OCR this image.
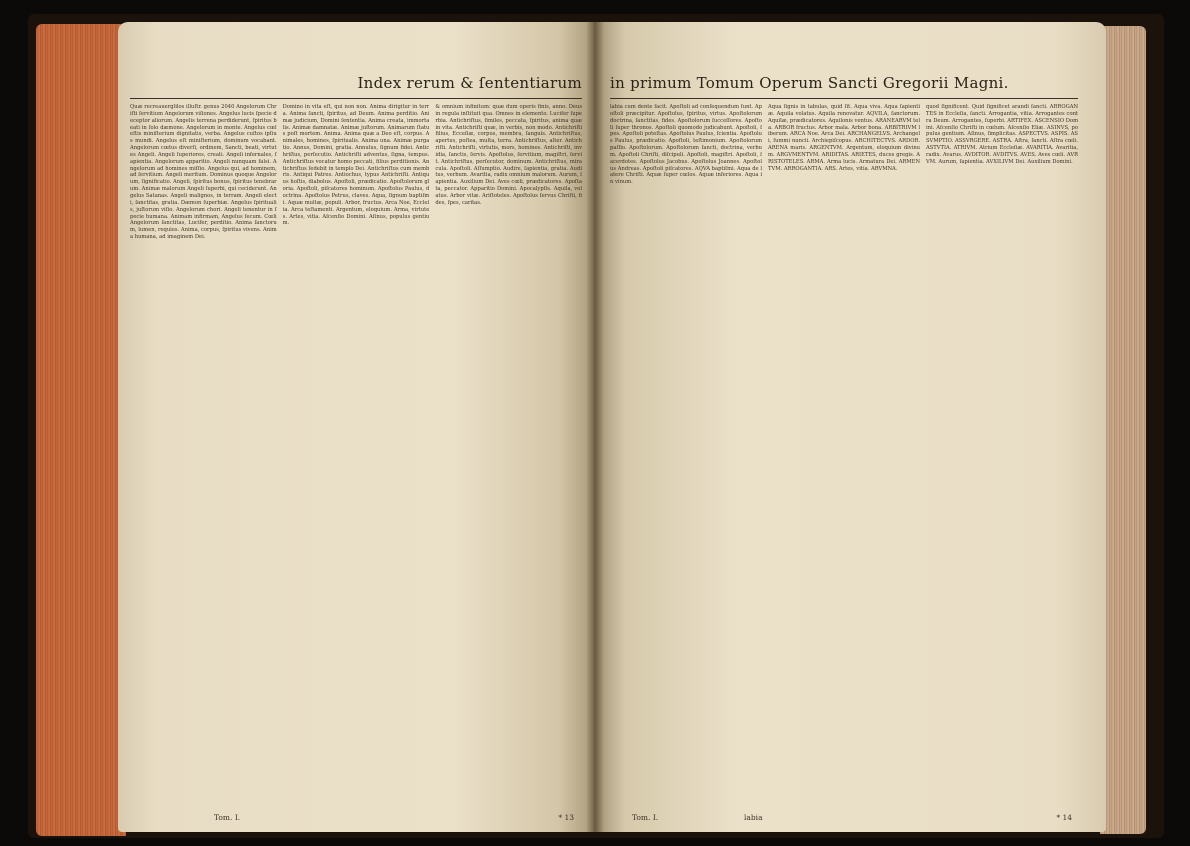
Index rerum & ſententiarum

Quæ recreauerglilos illuſtr. genus 2040 Angelorum Chriſti ſervitium Angelorum viſiones. Angelus lucis ſpecie deceptor aliorum. Angelis terrena perdiderunt, ſpiritus beati in ſolo dæmone. Angelorum in monte. Angelus cœleſtis miniſterium dignitatis, verba. Angelus cuſtos ipſius mundi. Angelus eſt miniſterium, dominum vocabant. Angelorum cœtus diverſi, ordinem, Sancti, beati, virtutes Angeli. Angeli ſuperiores, creati. Angeli infernales, ſapientia. Angelorum apparitio. Angeli nunquam falsi. Angelorum ad homines miſſio. Angelus qui, ad hominem, ad ſervitium. Angeli meritum. Dominus quoque Angelorum, ſignificatio. Angeli, ſpiritus bonus, ſpiritus tenebrarum. Animæ malorum Angeli ſuperbi, qui ceciderunt. Angelus Satanas. Angeli malignos, in terram. Angeli electi, ſanctitas, gratia. Dæmon ſuperbiæ. Angelus ſpiritualis, juſtorum viſio. Angelorum chori. Angeli tenentur in ſpecie humana. Animam infirmam, Angelus ſecum. Cœli Angelorum ſanctitas, Lucifer, perditio. Anima ſanctorum, lumen, requies. Anima, corpus, ſpiritus vivens. Anima humana, ad imaginem Dei.

Domino in vita eſt, qui non non. Anima dirigitur in terra. Anima ſancti, ſpiritus, ad Deum. Anima perditio. Animæ judicium, Domini ſententia. Anima creata, immortalis. Animæ damnatæ. Animæ juſtorum. Animarum ſtatus poſt mortem. Anima. Anima quæ a Deo eſt, corpus. Animales, homines, ſpiritualis. Anima una. Animæ purgatio. Annus, Domini, gratia. Annulus, ſignum fidei. Antichriſtus, perſecutio. Antichriſti adventus, ſigna, tempus. Antichriſtus vocatur homo peccati, filius perditionis. Antichriſtus ſedebit in templo Dei. Antichriſtus cum membris. Antiqui Patres. Antiochus, typus Antichriſti. Antiquus hoſtis, diabolus. Apoſtoli, prædicatio. Apoſtolorum gloria. Apoſtoli, piſcatores hominum. Apoſtolus Paulus, doctrina. Apoſtolus Petrus, claves. Aqua, ſignum baptiſmi. Aquæ multæ, populi. Arbor, fructus. Arca Noe, Eccleſia. Arca teſtamenti. Argentum, eloquium. Arma, virtutes. Artes, vitia. Aſcenſio Domini. Aſinus, populus gentium.

& omnium infinitum: quæ dum operis finis, anno. Deus in regula inſtituit qua. Omnes in elemento. Lucifer ſuperbia. Antichriſtus, ſimiles, peccata, ſpiritus, anima quæ in vita. Antichriſti quæ, in verbis, non modo. Antichriſti filius, Ecceſiæ, corpus, membra, ſanguis. Antichriſtus, apertus, poſtea, multa, terra. Antichriſtus, alter. Antichriſti. Antichriſti, virtutis, mors, homines. Antichriſti, invidia, ſanctis, ſervis. Apoſtolus, ſervitium, magiſtri, ſervit. Antichriſtus, perſecutor, dominum. Antichriſtus, miracula. Apoſtoli. Aſſumptio. Audire, ſapientia, gratia. Auditus, verbum. Avaritia, radix omnium malorum. Aurum, ſapientia. Auxilium Dei. Aves cœli, prædicatores. Apoſtata, peccator. Apparitio Domini. Apocalypſis. Aquila, volatus. Arbor vitæ. Ariſtoteles. Apoſtolus ſervus Chriſti, fides, ſpes, caritas.

Tom. I.	* 13
in primum Tomum Operum Sancti Gregorii Magni.

labia cum dente facit. Apoſtoli ad conſequendum ſunt. Apoſtoli præcipitur. Apoſtolus, ſpiritus, virtus. Apoſtolorum doctrina, ſanctitas, fides. Apoſtolorum ſucceſſores. Apoſtoli ſuper thronos. Apoſtoli quomodo judicabunt. Apoſtoli, ſpes. Apoſtoli poteſtas. Apoſtolus Paulus, ſcientia. Apoſtolus Paulus, prædicatio. Apoſtoli, teſtimonium. Apoſtolorum paſſio. Apoſtolorum. Apoſtolorum ſancti, doctrina, verbum. Apoſtoli Chriſti, diſcipuli. Apoſtoli, magiſtri. Apoſtoli, ſacerdotes. Apoſtolus Jacobus. Apoſtolus Joannes. Apoſtolus Andreas. Apoſtoli piſcatores. AQVA baptiſmi. Aqua de latere Chriſti. Aquæ ſuper cœlos. Aquæ inferiores. Aqua in vinum.

Aqua ſignis in tabulas, quid ſit. Aqua viva. Aqua ſapientiæ. Aquila volatus. Aquila renovatur. AQVILA, ſanctorum. Aquilæ, prædicatores. Aquilonis ventus. ARANEARVM tela. ARBOR fructus. Arbor mala. Arbor bona. ARBITRIVM liberum. ARCA Noe. Arca Dei. ARCHANGELVS. Archangeli, ſummi nuncii. Archiepiſcopus. ARCHITECTVS. ARDOR. ARENA maris. ARGENTVM. Argentum, eloquium divinum. ARGVMENTVM. ARIDITAS. ARIETES, duces gregis. ARISTOTELES. ARMA. Arma lucis. Armatura Dei. ARMENTVM. ARROGANTIA. ARS. Artes, vitia. ARVMNA.

quod ſignificent. Quid ſignificet arandi ſancti. ARROGANTES in Eccleſia, ſancti. Arrogantia, vitia. Arrogantes contra Deum. Arrogantes, ſuperbi. ARTIFEX. ASCENSIO Domini. Aſcenſio Chriſti in cœlum. Aſcenſio Eliæ. ASINVS, populus gentium. Aſinus, ſimplicitas. ASPECTVS. ASPIS. ASSVMPTIO. ASSVRGERE. ASTRA. Aſtra, ſancti. Aſtra cœli. ASTVTIA. ATRIVM. Atrium Eccleſiæ. AVARITIA. Avaritia, radix. Avarus. AVDITOR. AVDITVS. AVES. Aves cœli. AVRVM. Aurum, ſapientia. AVXILIVM Dei. Auxilium Domini.

Tom. I.	labia	* 14
